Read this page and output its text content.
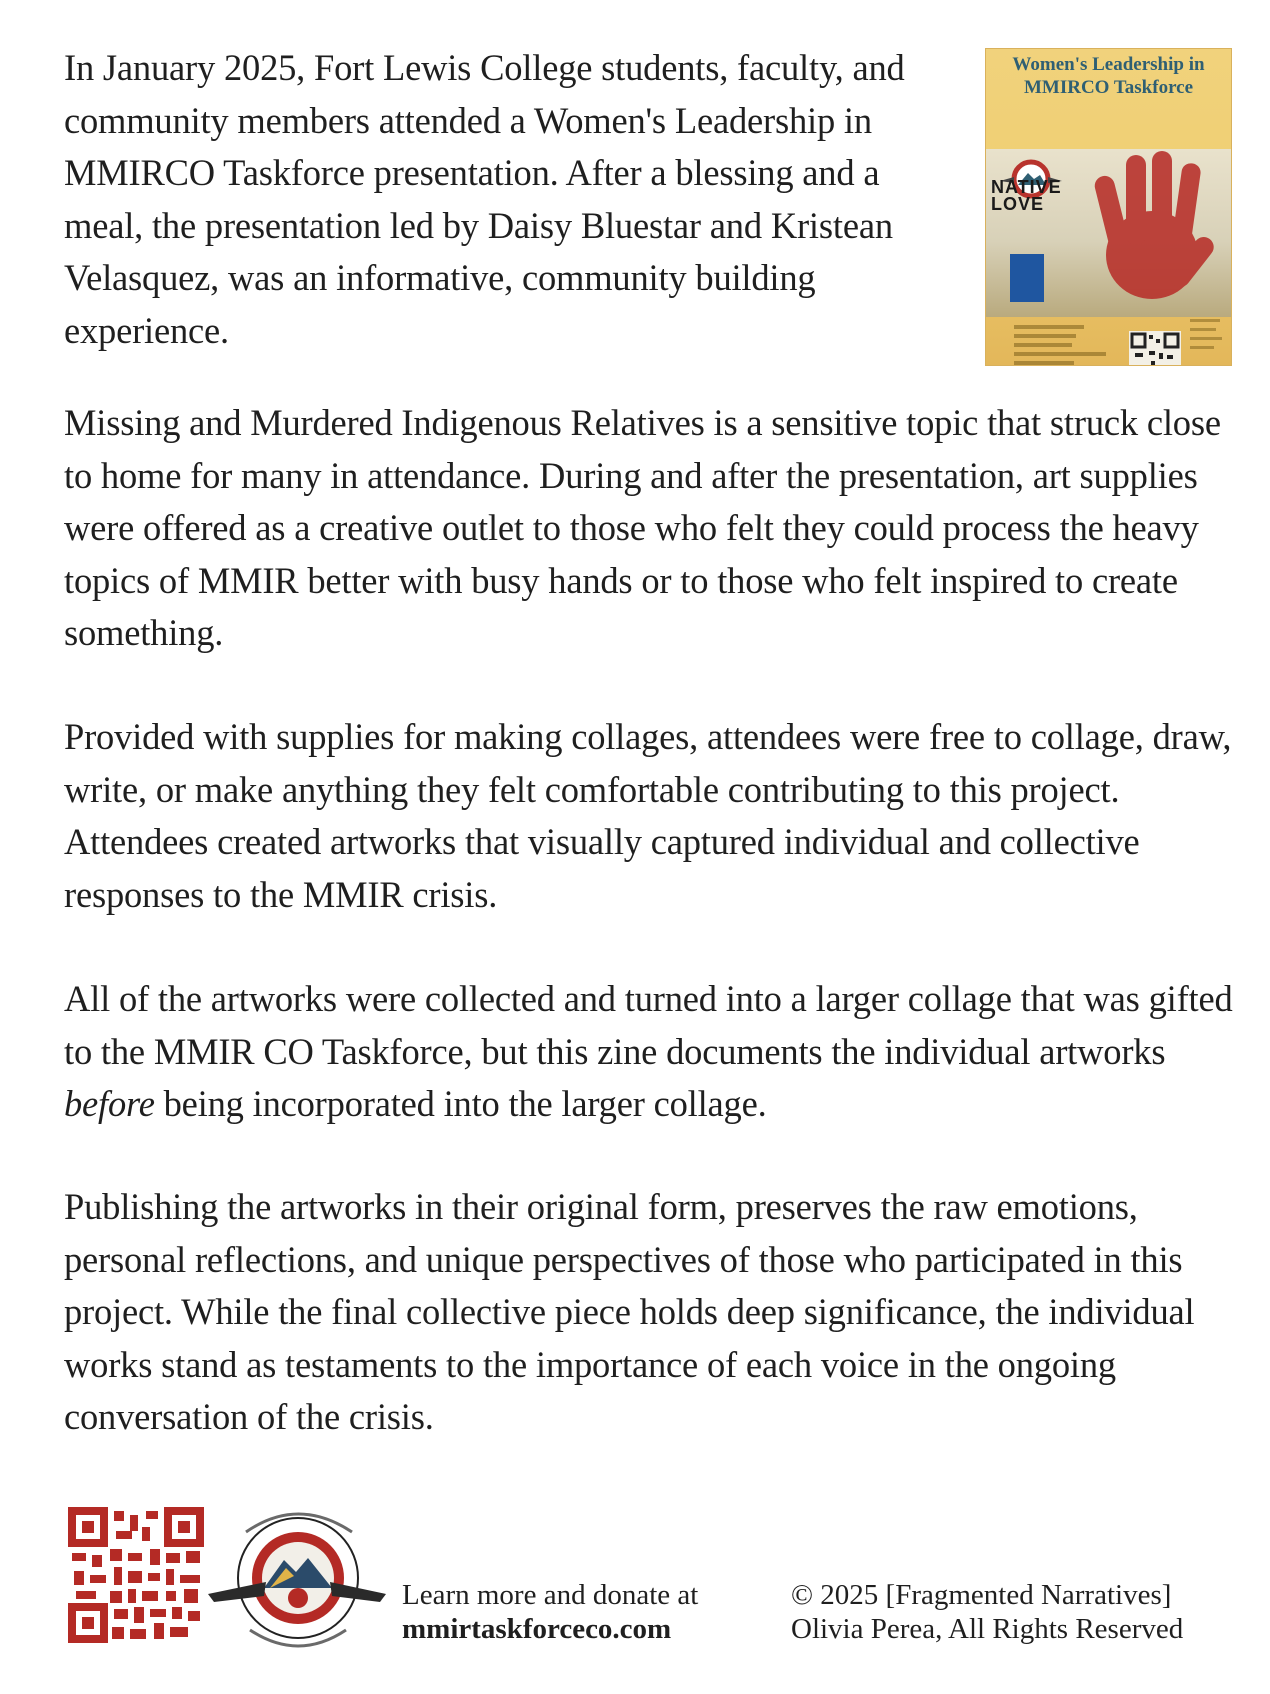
In January 2025, Fort Lewis College students, faculty, and community members attended a Women's Leadership in MMIRCO Taskforce presentation. After a blessing and a meal, the presentation led by Daisy Bluestar and Kristean Velasquez, was an informative, community building experience.

Women's Leadership in MMIRCO Taskforce

NATIVE LOVE

Missing and Murdered Indigenous Relatives is a sensitive topic that struck close to home for many in attendance. During and after the presentation, art supplies were offered as a creative outlet to those who felt they could process the heavy topics of MMIR better with busy hands or to those who felt inspired to create something.

Provided with supplies for making collages, attendees were free to collage, draw, write, or make anything they felt comfortable contributing to this project. Attendees created artworks that visually captured individual and collective responses to the MMIR crisis.

All of the artworks were collected and turned into a larger collage that was gifted to the MMIR CO Taskforce, but this zine documents the individual artworks before being incorporated into the larger collage.

Publishing the artworks in their original form, preserves the raw emotions, personal reflections, and unique perspectives of those who participated in this project. While the final collective piece holds deep significance, the individual works stand as testaments to the importance of each voice in the ongoing conversation of the crisis.

Learn more and donate at
mmirtaskforceco.com

© 2025 [Fragmented Narratives]
Olivia Perea, All Rights Reserved
